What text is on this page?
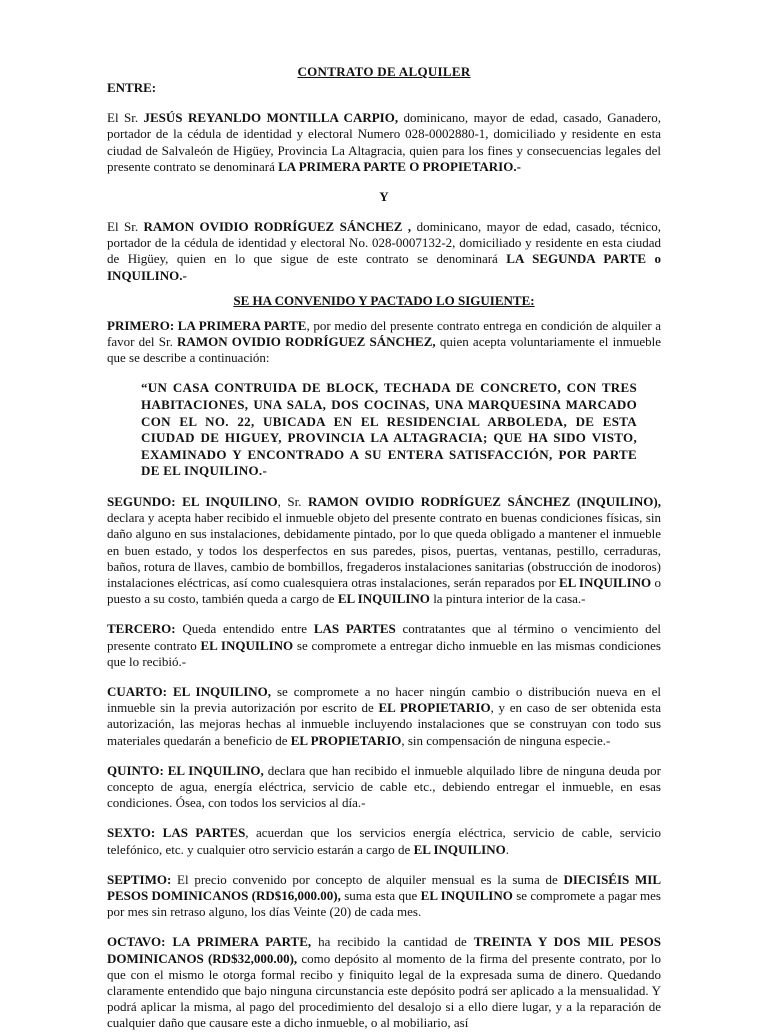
CONTRATO DE ALQUILER
ENTRE:

El Sr. JESÚS REYANLDO MONTILLA CARPIO, dominicano, mayor de edad, casado, Ganadero, portador de la cédula de identidad y electoral Numero 028-0002880-1, domiciliado y residente en esta ciudad de Salvaleón de Higüey, Provincia La Altagracia, quien para los fines y consecuencias legales del presente contrato se denominará LA PRIMERA PARTE O PROPIETARIO.-

Y

El Sr. RAMON OVIDIO RODRÍGUEZ SÁNCHEZ , dominicano, mayor de edad, casado, técnico, portador de la cédula de identidad y electoral No. 028-0007132-2, domiciliado y residente en esta ciudad de Higüey, quien en lo que sigue de este contrato se denominará LA SEGUNDA PARTE o INQUILINO.-

SE HA CONVENIDO Y PACTADO LO SIGUIENTE:

PRIMERO: LA PRIMERA PARTE, por medio del presente contrato entrega en condición de alquiler a favor del Sr. RAMON OVIDIO RODRÍGUEZ SÁNCHEZ, quien acepta voluntariamente el inmueble que se describe a continuación:

“UN CASA CONTRUIDA DE BLOCK, TECHADA DE CONCRETO, CON TRES HABITACIONES, UNA SALA, DOS COCINAS, UNA MARQUESINA MARCADO CON EL NO. 22, UBICADA EN EL RESIDENCIAL ARBOLEDA, DE ESTA CIUDAD DE HIGUEY, PROVINCIA LA ALTAGRACIA; QUE HA SIDO VISTO, EXAMINADO Y ENCONTRADO A SU ENTERA SATISFACCIÓN, POR PARTE DE EL INQUILINO.-

SEGUNDO: EL INQUILINO, Sr. RAMON OVIDIO RODRÍGUEZ SÁNCHEZ (INQUILINO), declara y acepta haber recibido el inmueble objeto del presente contrato en buenas condiciones físicas, sin daño alguno en sus instalaciones, debidamente pintado, por lo que queda obligado a mantener el inmueble en buen estado, y todos los desperfectos en sus paredes, pisos, puertas, ventanas, pestillo, cerraduras, baños, rotura de llaves, cambio de bombillos, fregaderos instalaciones sanitarias (obstrucción de inodoros) instalaciones eléctricas, así como cualesquiera otras instalaciones, serán reparados por EL INQUILINO o puesto a su costo, también queda a cargo de EL INQUILINO la pintura interior de la casa.-

TERCERO: Queda entendido entre LAS PARTES contratantes que al término o vencimiento del presente contrato EL INQUILINO se compromete a entregar dicho inmueble en las mismas condiciones que lo recibió.-

CUARTO: EL INQUILINO, se compromete a no hacer ningún cambio o distribución nueva en el inmueble sin la previa autorización por escrito de EL PROPIETARIO, y en caso de ser obtenida esta autorización, las mejoras hechas al inmueble incluyendo instalaciones que se construyan con todo sus materiales quedarán a beneficio de EL PROPIETARIO, sin compensación de ninguna especie.-

QUINTO: EL INQUILINO, declara que han recibido el inmueble alquilado libre de ninguna deuda por concepto de agua, energía eléctrica, servicio de cable etc., debiendo entregar el inmueble, en esas condiciones. Ósea, con todos los servicios al día.-

SEXTO: LAS PARTES, acuerdan que los servicios energía eléctrica, servicio de cable, servicio telefónico, etc. y cualquier otro servicio estarán a cargo de EL INQUILINO.

SEPTIMO: El precio convenido por concepto de alquiler mensual es la suma de DIECISÉIS MIL PESOS DOMINICANOS (RD$16,000.00), suma esta que EL INQUILINO se compromete a pagar mes por mes sin retraso alguno, los días Veinte (20) de cada mes.

OCTAVO: LA PRIMERA PARTE, ha recibido la cantidad de TREINTA Y DOS MIL PESOS DOMINICANOS (RD$32,000.00), como depósito al momento de la firma del presente contrato, por lo que con el mismo le otorga formal recibo y finiquito legal de la expresada suma de dinero. Quedando claramente entendido que bajo ninguna circunstancia este depósito podrá ser aplicado a la mensualidad. Y podrá aplicar la misma, al pago del procedimiento del desalojo si a ello diere lugar, y a la reparación de cualquier daño que causare este a dicho inmueble, o al mobiliario, así
